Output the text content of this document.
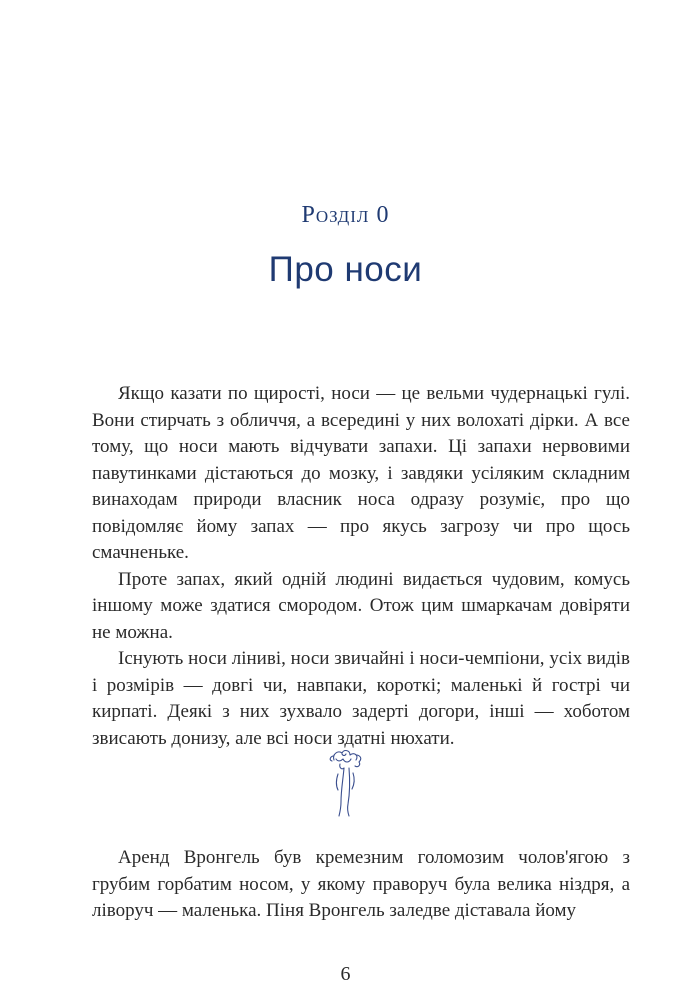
Розділ 0
Про носи

Якщо казати по щирості, носи — це вельми чудернацькі гулі. Вони стирчать з обличчя, а всередині у них волохаті дірки. А все тому, що носи мають відчувати запахи. Ці запахи нервовими павутинками дістаються до мозку, і завдяки усіляким складним винаходам природи власник носа одразу розуміє, про що повідомляє йому запах — про якусь загрозу чи про щось смачненьке.

Проте запах, який одній людині видається чудовим, комусь іншому може здатися смородом. Отож цим шмаркачам довіряти не можна.

Існують носи ліниві, носи звичайні і носи-чемпіони, усіх видів і розмірів — довгі чи, навпаки, короткі; маленькі й гострі чи кирпаті. Деякі з них зухвало задерті догори, інші — хоботом звисають донизу, але всі носи здатні нюхати.

Аренд Вронгель був кремезним голомозим чолов'ягою з грубим горбатим носом, у якому праворуч була велика ніздря, а ліворуч — маленька. Піня Вронгель заледве діставала йому

6
